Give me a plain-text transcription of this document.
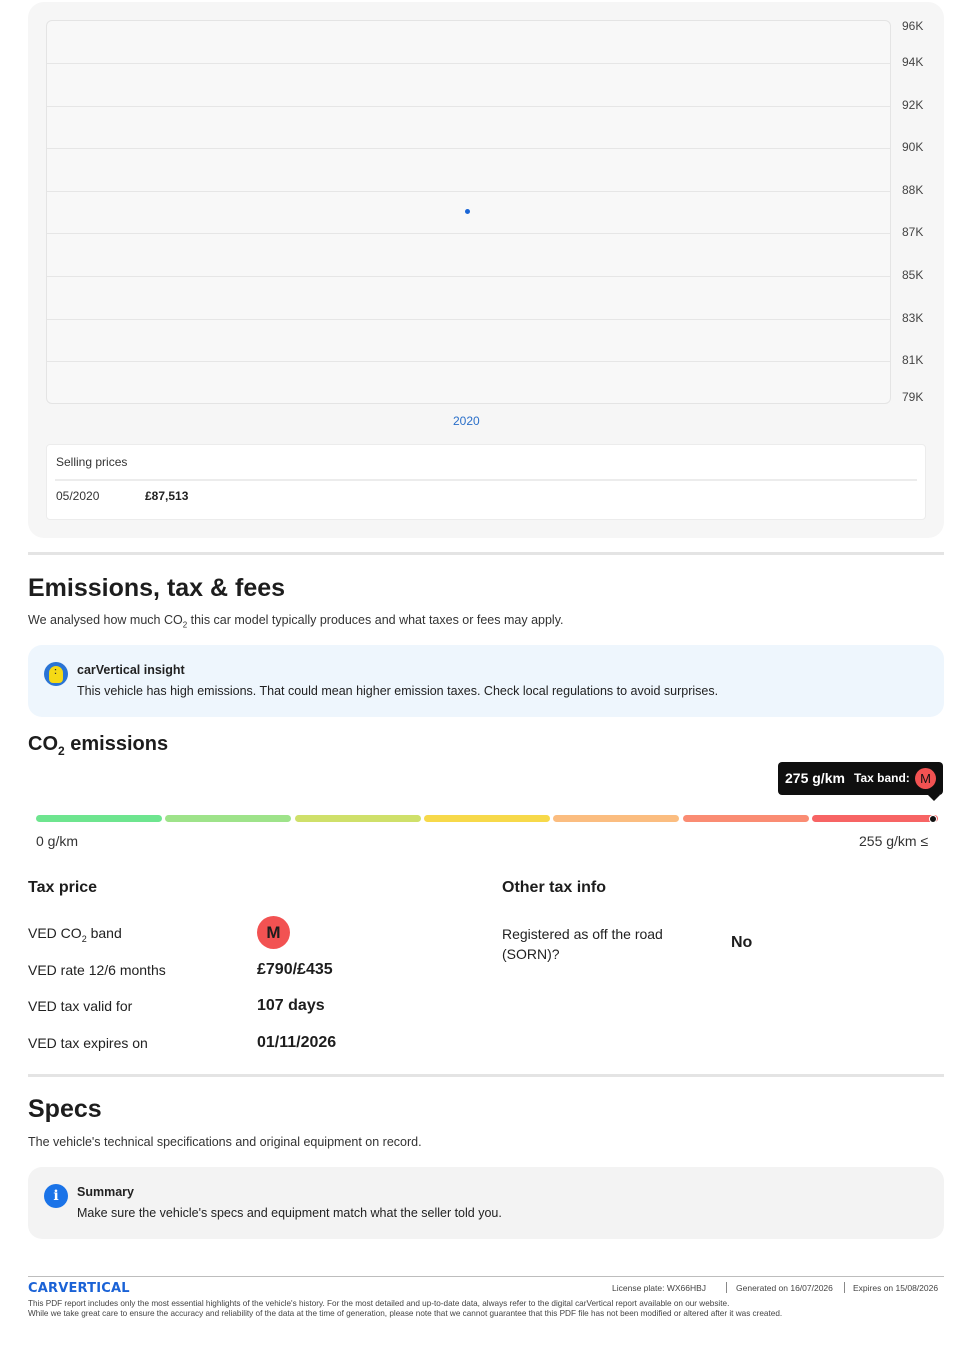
2020
Selling prices
05/2020	£87,513
96K
94K
92K
90K
88K
87K
85K
83K
81K
79K
Emissions, tax & fees
We analysed how much $CO_2$ this car model typically produces and what taxes or fees may apply.
:
carVertical insight
This vehicle has high emissions. That could mean higher emission taxes. Check local regulations to avoid surprises.
$CO_2$ emissions
275 g/km Tax band: M
0 g/km	255 g/km ≤
Tax price
VED $CO_2$ band	M
VED rate 12/6 months	£790/£435
VED tax valid for	107 days
VED tax expires on	01/11/2026
Other tax info
Registered as off the road (SORN)?
No
Specs
The vehicle's technical specifications and original equipment on record.
i	Summary
Make sure the vehicle's specs and equipment match what the seller told you.
CARVERTICAL	License plate: WX66HBJ	Generated on 16/07/2026 Expires on 15/08/2026
This PDF report includes only the most essential highlights of the vehicle's history. For the most detailed and up-to-date data, always refer to the digital carVertical report available on our website.
While we take great care to ensure the accuracy and reliability of the data at the time of generation, please note that we cannot guarantee that this PDF file has not been modified or altered after it was created.
